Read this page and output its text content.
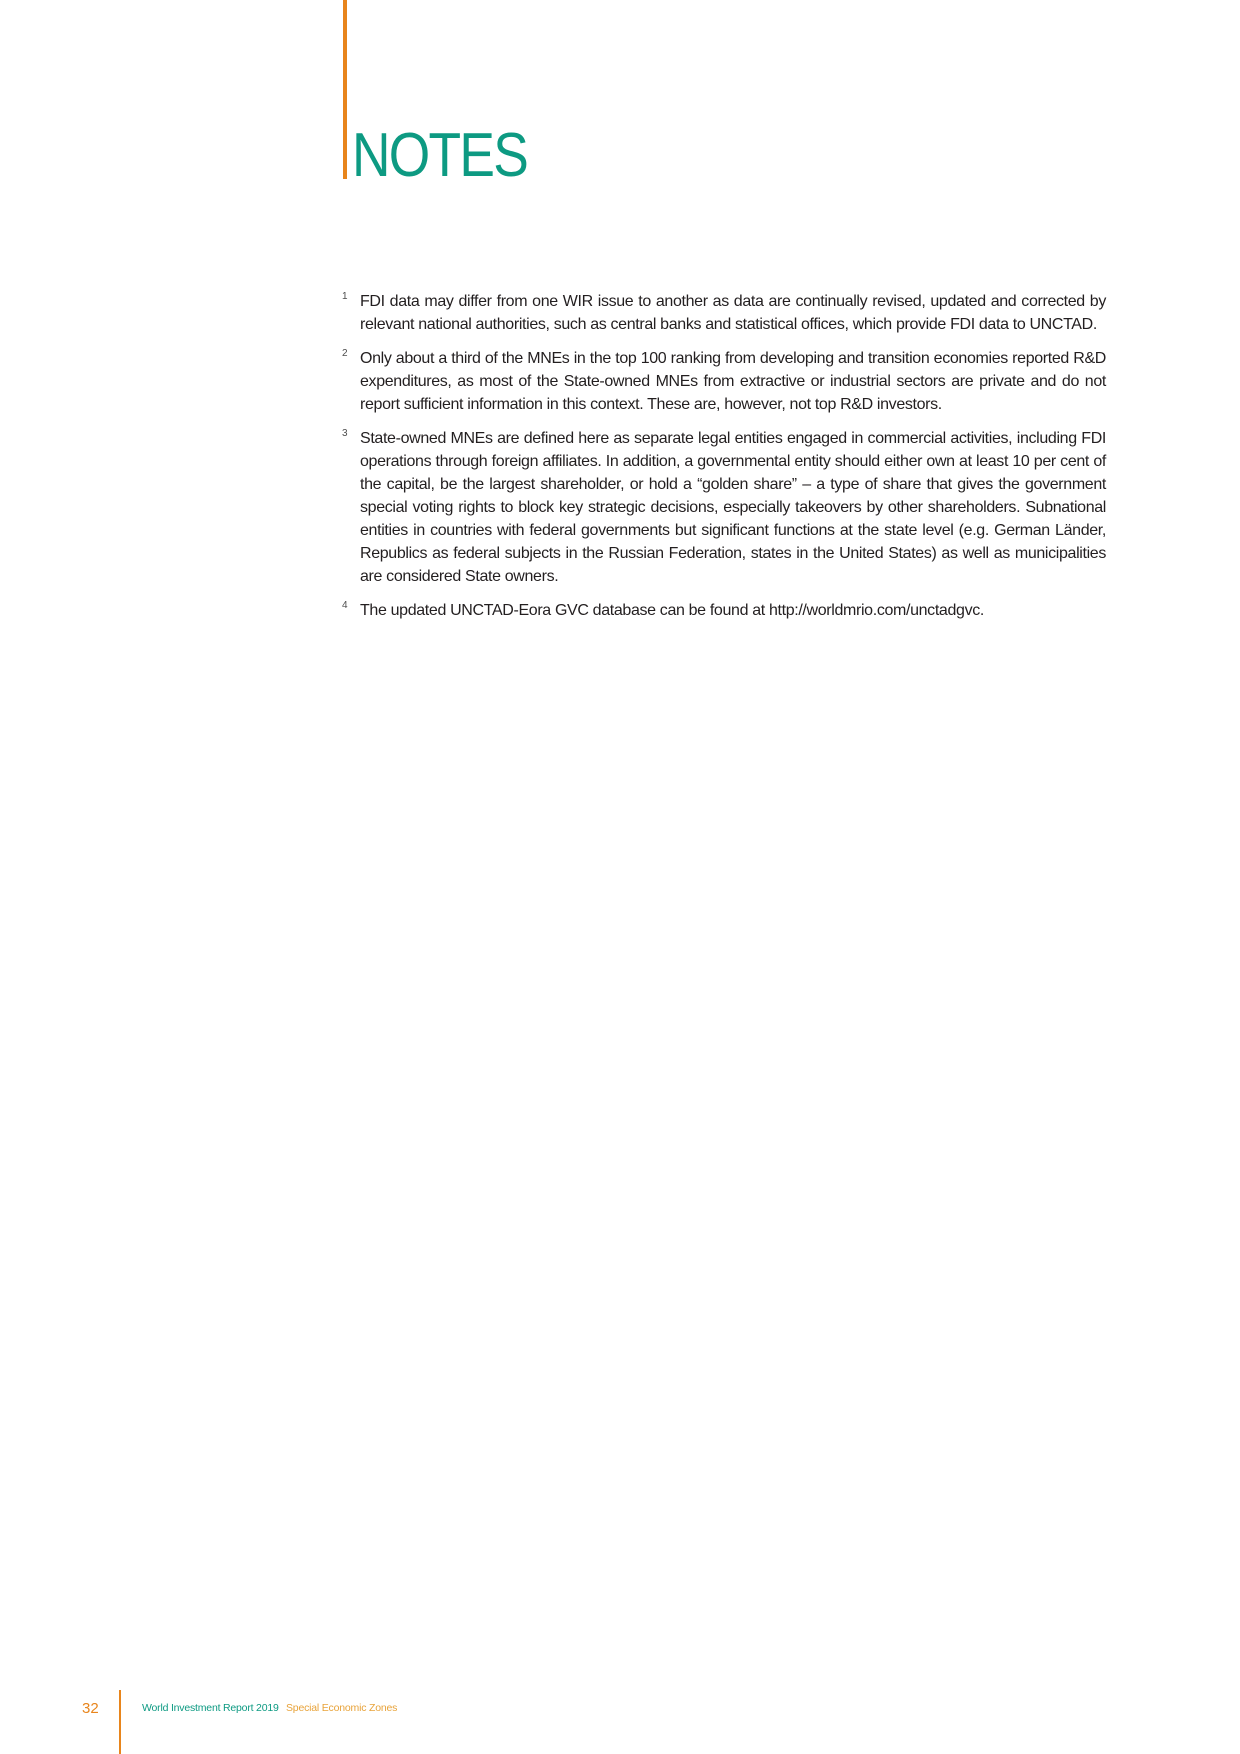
NOTES
1 FDI data may differ from one WIR issue to another as data are continually revised, updated and corrected by relevant national authorities, such as central banks and statistical offices, which provide FDI data to UNCTAD.
2 Only about a third of the MNEs in the top 100 ranking from developing and transition economies reported R&D expenditures, as most of the State-owned MNEs from extractive or industrial sectors are private and do not report sufficient information in this context. These are, however, not top R&D investors.
3 State-owned MNEs are defined here as separate legal entities engaged in commercial activities, including FDI operations through foreign affiliates. In addition, a governmental entity should either own at least 10 per cent of the capital, be the largest shareholder, or hold a “golden share” – a type of share that gives the government special voting rights to block key strategic decisions, especially takeovers by other shareholders. Subnational entities in countries with federal governments but significant functions at the state level (e.g. German Länder, Republics as federal subjects in the Russian Federation, states in the United States) as well as municipalities are considered State owners.
4 The updated UNCTAD-Eora GVC database can be found at http://worldmrio.com/unctadgvc.
32	World Investment Report 2019 Special Economic Zones
